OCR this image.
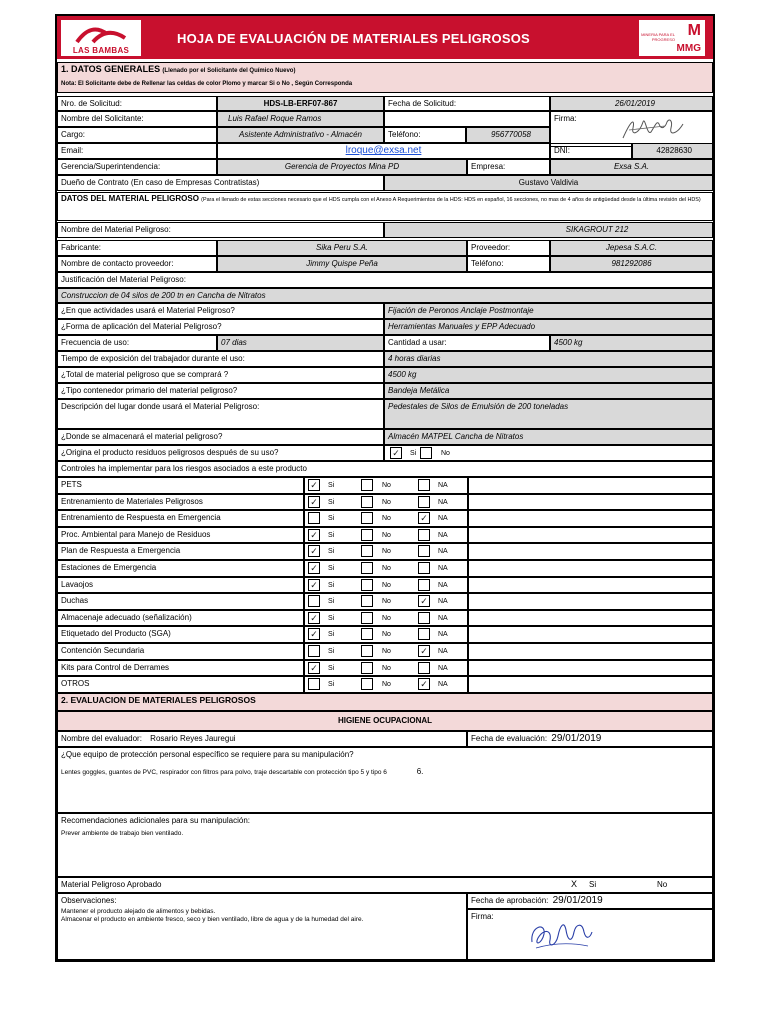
LAS BAMBAS
HOJA DE EVALUACIÓN DE MATERIALES PELIGROSOS	MINERIA PARA EL PROGRESO
M
MMG
1. DATOS GENERALES (Llenado por el Solicitante del Químico Nuevo)
Nota: El Solicitante debe de Rellenar las celdas de color Plomo y marcar Si o No , Según Corresponda
Nro. de Solicitud:	HDS-LB-ERF07-867	Fecha de Solicitud:	26/01/2019
Nombre del Solicitante:	Luis Rafael Roque Ramos	Firma:
Cargo:	Asistente Administrativo - Almacén	Teléfono:	956770058
Email:	lroque@exsa.net	DNI:	42828630
Gerencia/Superintendencia:	Gerencia de Proyectos Mina PD	Empresa:	Exsa S.A.
Dueño de Contrato (En caso de Empresas Contratistas)	Gustavo Valdivia
DATOS DEL MATERIAL PELIGROSO (Para el llenado de estas secciones necesario que el HDS cumpla con el Anexo A Requerimientos de la HDS: HDS en español, 16 secciones, no mas de 4 años de antigüedad desde la última revisión del HDS)
Nombre del Material Peligroso:	SIKAGROUT 212
Fabricante:	Sika Peru S.A.	Proveedor:	Jepesa S.A.C.
Nombre de contacto proveedor:	Jimmy Quispe Peña	Teléfono:	981292086
Justificación del Material Peligroso:
Construccion de 04 silos de 200 tn en Cancha de Nitratos
¿En que actividades usará el Material Peligroso?	Fijación de Peronos Anclaje Postmontaje
¿Forma de aplicación del Material Peligroso?	Herramientas Manuales y EPP Adecuado
Frecuencia de uso:	07 dias	Cantidad a usar:	4500 kg
Tiempo de exposición del trabajador durante el uso:	4 horas diarias
¿Total de material peligroso que se comprará ?	4500 kg
¿Tipo contenedor primario del material peligroso?	Bandeja Metálica
Descripción del lugar donde usará el Material Peligroso:	Pedestales de Silos de Emulsión de 200 toneladas
¿Donde se almacenará el material peligroso?	Almacén MATPEL Cancha de Nitratos
¿Origina el producto residuos peligrosos después de su uso?	✓	Si	No
Controles ha implementar para los riesgos asociados a este producto
PETS	✓	Si	No	NA
Entrenamiento de Materiales Peligrosos	✓	Si	No	NA
Entrenamiento de Respuesta en Emergencia	Si	No	✓	NA
Proc. Ambiental para Manejo de Residuos	✓	Si	No	NA
Plan de Respuesta a Emergencia	✓	Si	No	NA
Estaciones de Emergencia	✓	Si	No	NA
Lavaojos	✓	Si	No	NA
Duchas	Si	No	✓	NA
Almacenaje adecuado (señalización)	✓	Si	No	NA
Etiquetado del Producto (SGA)	✓	Si	No	NA
Contención Secundaria	Si	No	✓	NA
Kits para Control de Derrames	✓	Si	No	NA
OTROS	Si	No	✓	NA
2. EVALUACION DE MATERIALES PELIGROSOS
HIGIENE OCUPACIONAL
Nombre del evaluador: Rosario Reyes Jauregui	Fecha de evaluación: 29/01/2019
¿Que equipo de protección personal específico se requiere para su manipulación?
Lentes goggles, guantes de PVC, respirador con filtros para polvo, traje descartable con protección tipo 5 y tipo 6	6.
Recomendaciones adicionales para su manipulación:
Prever ambiente de trabajo bien ventilado.
Material Peligroso Aprobado	X Si	No
Observaciones:
Mantener el producto alejado de alimentos y bebidas.
Almacenar el producto en ambiente fresco, seco y bien ventilado, libre de agua y de la humedad del aire.
Fecha de aprobación: 29/01/2019
Firma:
